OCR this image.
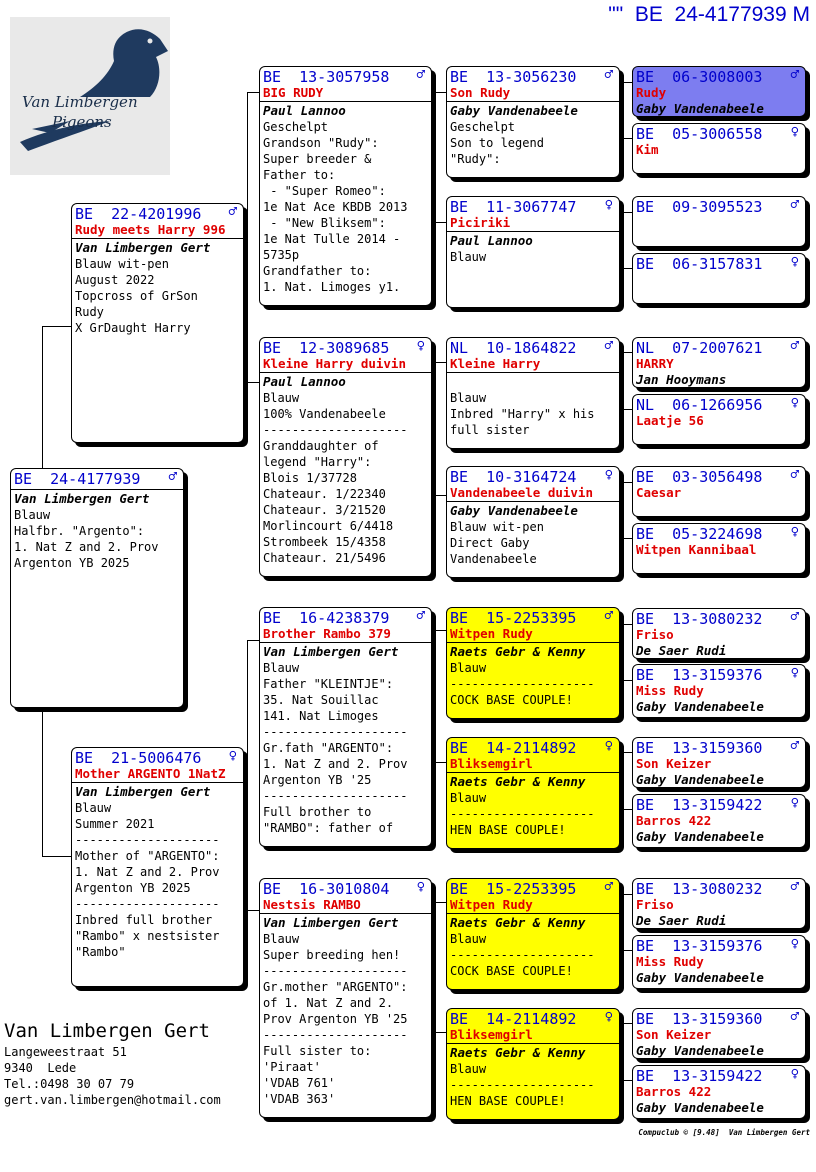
"" BE  24-4177939 M
Van Limbergen
Pigeons
BE  24-4177939 ♂
Van Limbergen Gert
Blauw
Halfbr. "Argento":
1. Nat Z and 2. Prov
Argenton YB 2025
BE  22-4201996 ♂
Rudy meets Harry 996
Van Limbergen Gert
Blauw wit-pen
August 2022
Topcross of GrSon
Rudy
X GrDaught Harry
BE  21-5006476 ♀
Mother ARGENTO 1NatZ
Van Limbergen Gert
Blauw
Summer 2021
--------------------
Mother of "ARGENTO":
1. Nat Z and 2. Prov
Argenton YB 2025
--------------------
Inbred full brother
"Rambo" x nestsister
"Rambo"
BE  13-3057958 ♂
BIG RUDY
Paul Lannoo
Geschelpt
Grandson "Rudy":
Super breeder &
Father to:
- "Super Romeo":
1e Nat Ace KBDB 2013
- "New Bliksem":
1e Nat Tulle 2014 -
5735p
Grandfather to:
1. Nat. Limoges y1.
BE  12-3089685 ♀
Kleine Harry duivin
Paul Lannoo
Blauw
100% Vandenabeele
--------------------
Granddaughter of
legend "Harry":
Blois 1/37728
Chateaur. 1/22340
Chateaur. 3/21520
Morlincourt 6/4418
Strombeek 15/4358
Chateaur. 21/5496
BE  16-4238379 ♂
Brother Rambo 379
Van Limbergen Gert
Blauw
Father "KLEINTJE":
35. Nat Souillac
141. Nat Limoges
--------------------
Gr.fath "ARGENTO":
1. Nat Z and 2. Prov
Argenton YB '25
--------------------
Full brother to
"RAMBO": father of
BE  16-3010804 ♀
Nestsis RAMBO
Van Limbergen Gert
Blauw
Super breeding hen!
--------------------
Gr.mother "ARGENTO":
of 1. Nat Z and 2.
Prov Argenton YB '25
--------------------
Full sister to:
'Piraat'
'VDAB 761'
'VDAB 363'
BE  13-3056230 ♂
Son Rudy
Gaby Vandenabeele
Geschelpt
Son to legend
"Rudy":
BE  11-3067747 ♀
Piciriki
Paul Lannoo
Blauw
NL  10-1864822 ♂
Kleine Harry
Blauw
Inbred "Harry" x his
full sister
BE  10-3164724 ♀
Vandenabeele duivin
Gaby Vandenabeele
Blauw wit-pen
Direct Gaby
Vandenabeele
BE  15-2253395 ♂
Witpen Rudy
Raets Gebr & Kenny
Blauw
--------------------
COCK BASE COUPLE!
BE  14-2114892 ♀
Bliksemgirl
Raets Gebr & Kenny
Blauw
--------------------
HEN BASE COUPLE!
BE  15-2253395 ♂
Witpen Rudy
Raets Gebr & Kenny
Blauw
--------------------
COCK BASE COUPLE!
BE  14-2114892 ♀
Bliksemgirl
Raets Gebr & Kenny
Blauw
--------------------
HEN BASE COUPLE!
BE  06-3008003 ♂
Rudy
Gaby Vandenabeele
BE  05-3006558 ♀
Kim
BE  09-3095523 ♂
BE  06-3157831 ♀
NL  07-2007621 ♂
HARRY
Jan Hooymans
NL  06-1266956 ♀
Laatje 56
BE  03-3056498 ♂
Caesar
BE  05-3224698 ♀
Witpen Kannibaal
BE  13-3080232 ♂
Friso
De Saer Rudi
BE  13-3159376 ♀
Miss Rudy
Gaby Vandenabeele
BE  13-3159360 ♂
Son Keizer
Gaby Vandenabeele
BE  13-3159422 ♀
Barros 422
Gaby Vandenabeele
BE  13-3080232 ♂
Friso
De Saer Rudi
BE  13-3159376 ♀
Miss Rudy
Gaby Vandenabeele
BE  13-3159360 ♂
Son Keizer
Gaby Vandenabeele
BE  13-3159422 ♀
Barros 422
Gaby Vandenabeele
Van Limbergen Gert
Langeweestraat 51
9340  Lede
Tel.:0498 30 07 79
gert.van.limbergen@hotmail.com
Compuclub © [9.48]  Van Limbergen Gert
